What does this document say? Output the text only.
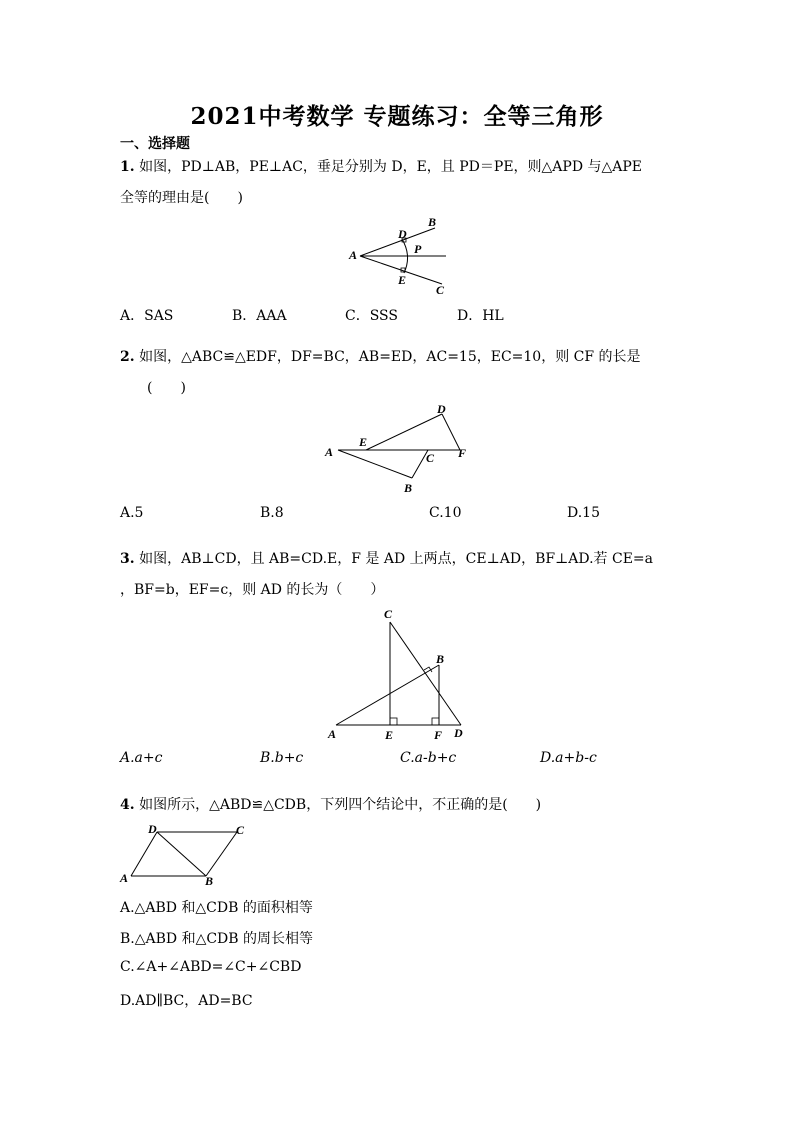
2021中考数学 专题练习：全等三角形
一、选择题
1. 如图，PD⊥AB，PE⊥AC，垂足分别为 D，E，且 PD＝PE，则△APD 与△APE
全等的理由是(　　)
A
B
C
D
E
P
A．SAS	B．AAA	C．SSS	D．HL
2. 如图，△ABC≌△EDF，DF=BC，AB=ED，AC=15，EC=10，则 CF 的长是
(　　)
A
B
C
D
E
F
A.5	B.8	C.10	D.15
3. 如图，AB⊥CD，且 AB=CD.E，F 是 AD 上两点，CE⊥AD，BF⊥AD.若 CE=a
，BF=b，EF=c，则 AD 的长为（　　）
A
B
C
D
E	F
A.a+c	B.b+c	C.a-b+c	D.a+b-c
4. 如图所示，△ABD≌△CDB，下列四个结论中，不正确的是(　　)
A	B
C
D
A.△ABD 和△CDB 的面积相等
B.△ABD 和△CDB 的周长相等
C.∠A+∠ABD=∠C+∠CBD
D.AD∥BC，AD=BC
